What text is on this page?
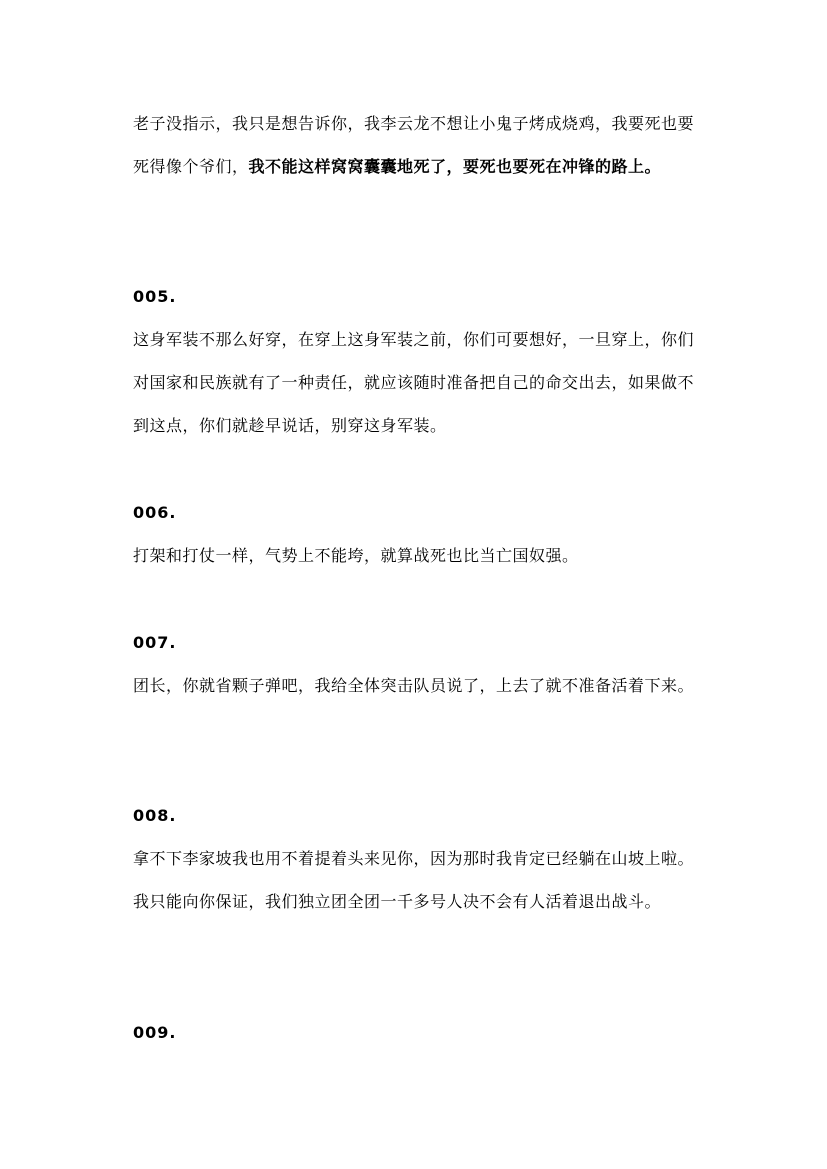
老子没指示，我只是想告诉你，我李云龙不想让小鬼子烤成烧鸡，我要死也要死得像个爷们，我不能这样窝窝囊囊地死了，要死也要死在冲锋的路上。

005.

这身军装不那么好穿，在穿上这身军装之前，你们可要想好，一旦穿上，你们对国家和民族就有了一种责任，就应该随时准备把自己的命交出去，如果做不到这点，你们就趁早说话，别穿这身军装。

006.

打架和打仗一样，气势上不能垮，就算战死也比当亡国奴强。

007.

团长，你就省颗子弹吧，我给全体突击队员说了，上去了就不准备活着下来。

008.

拿不下李家坡我也用不着提着头来见你，因为那时我肯定已经躺在山坡上啦。我只能向你保证，我们独立团全团一千多号人决不会有人活着退出战斗。

009.
